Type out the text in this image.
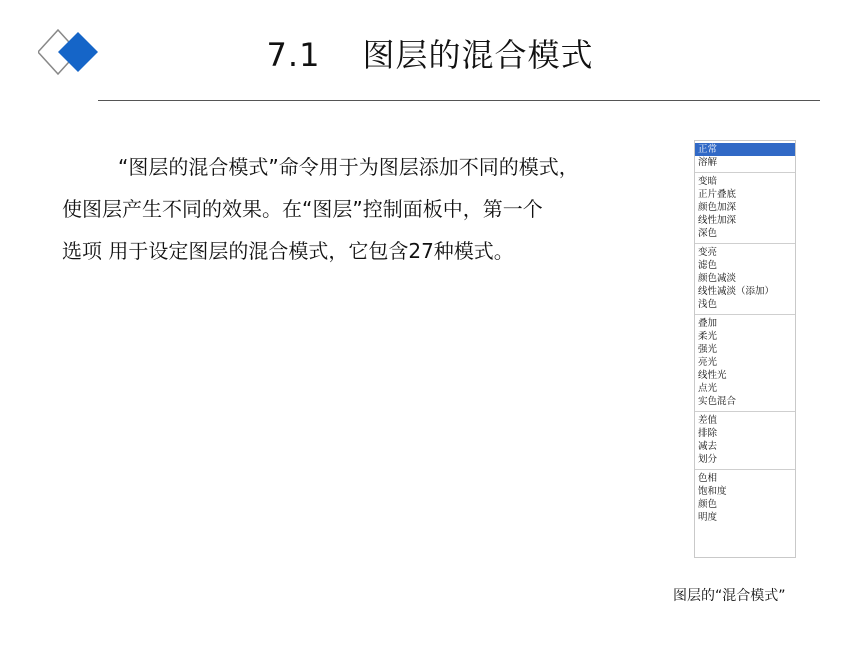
7.1 图层的混合模式
“图层的混合模式”命令用于为图层添加不同的模式，
使图层产生不同的效果。在“图层”控制面板中，第一个
选项 用于设定图层的混合模式，它包含27种模式。
正常
溶解
变暗
正片叠底
颜色加深
线性加深
深色
变亮
滤色
颜色减淡
线性减淡（添加）
浅色
叠加
柔光
强光
亮光
线性光
点光
实色混合
差值
排除
减去
划分
色相
饱和度
颜色
明度
图层的“混合模式”
